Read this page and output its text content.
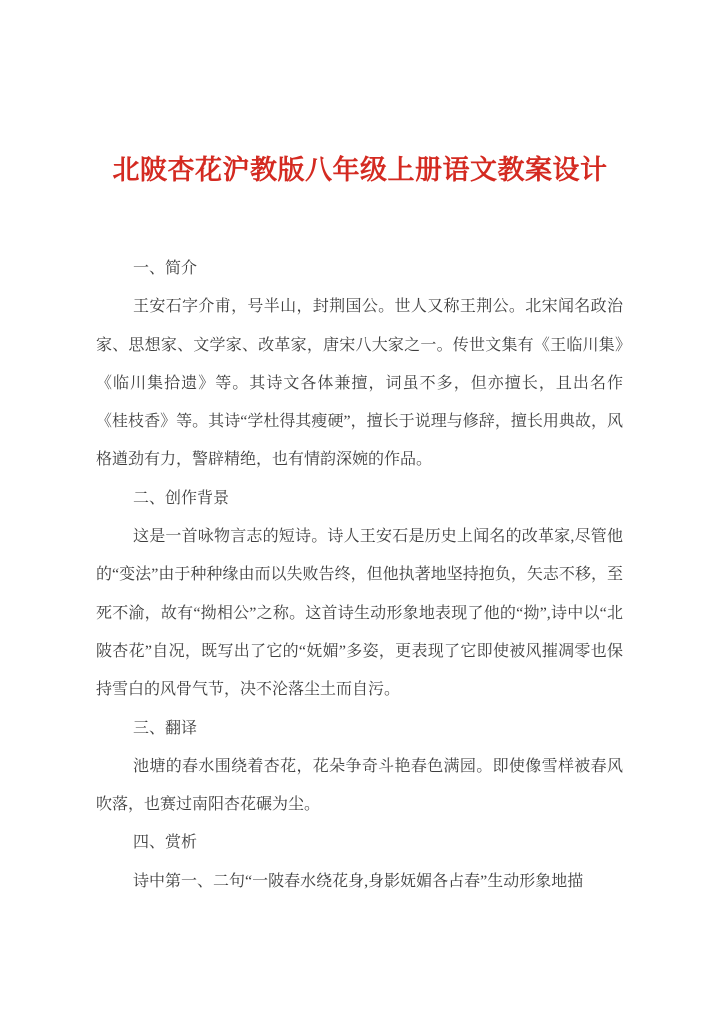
北陂杏花沪教版八年级上册语文教案设计

一、简介

王安石字介甫，号半山，封荆国公。世人又称王荆公。北宋闻名政治家、思想家、文学家、改革家，唐宋八大家之一。传世文集有《王临川集》《临川集拾遗》等。其诗文各体兼擅，词虽不多，但亦擅长，且出名作《桂枝香》等。其诗“学杜得其瘦硬”，擅长于说理与修辞，擅长用典故，风格遒劲有力，警辟精绝，也有情韵深婉的作品。

二、创作背景

这是一首咏物言志的短诗。诗人王安石是历史上闻名的改革家,尽管他的“变法”由于种种缘由而以失败告终，但他执著地坚持抱负，矢志不移，至死不渝，故有“拗相公”之称。这首诗生动形象地表现了他的“拗”,诗中以“北陂杏花”自况，既写出了它的“妩媚”多姿，更表现了它即使被风摧凋零也保持雪白的风骨气节，决不沦落尘土而自污。

三、翻译

池塘的春水围绕着杏花，花朵争奇斗艳春色满园。即使像雪样被春风吹落，也赛过南阳杏花碾为尘。

四、赏析

诗中第一、二句“一陂春水绕花身,身影妩媚各占春”生动形象地描
